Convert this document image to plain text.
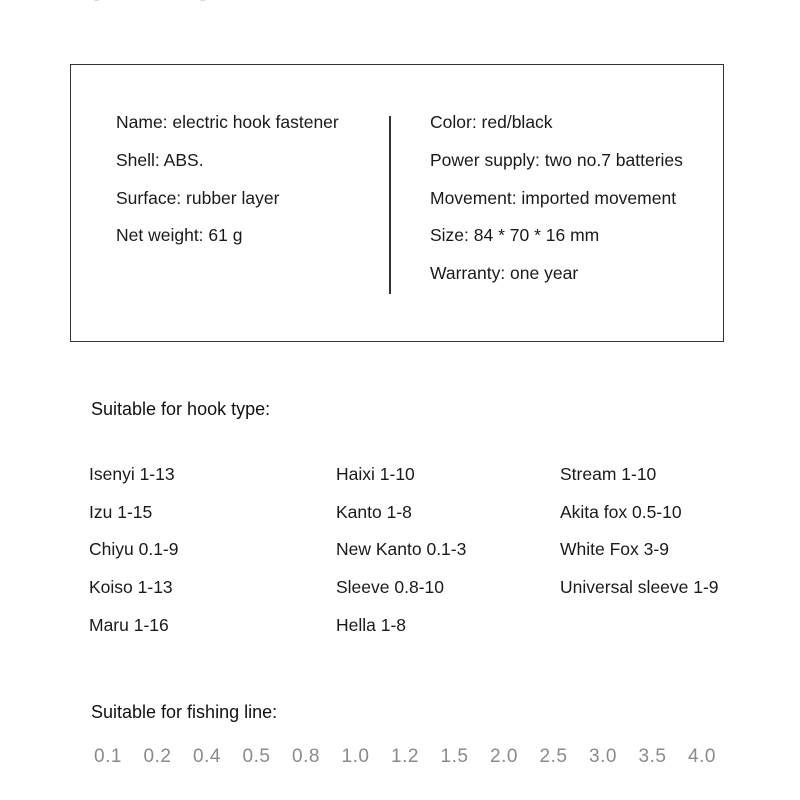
Name: electric hook fastener
Shell: ABS.
Surface: rubber layer
Net weight: 61 g
Color: red/black
Power supply: two no.7 batteries
Movement: imported movement
Size: 84 * 70 * 16 mm
Warranty: one year
Suitable for hook type:
Isenyi 1-13
Izu 1-15
Chiyu 0.1-9
Koiso 1-13
Maru 1-16
Haixi 1-10
Kanto 1-8
New Kanto 0.1-3
Sleeve 0.8-10
Hella 1-8
Stream 1-10
Akita fox 0.5-10
White Fox 3-9
Universal sleeve 1-9
Suitable for fishing line:
0.1 0.2 0.4 0.5 0.8 1.0 1.2 1.5 2.0 2.5 3.0 3.5 4.0
